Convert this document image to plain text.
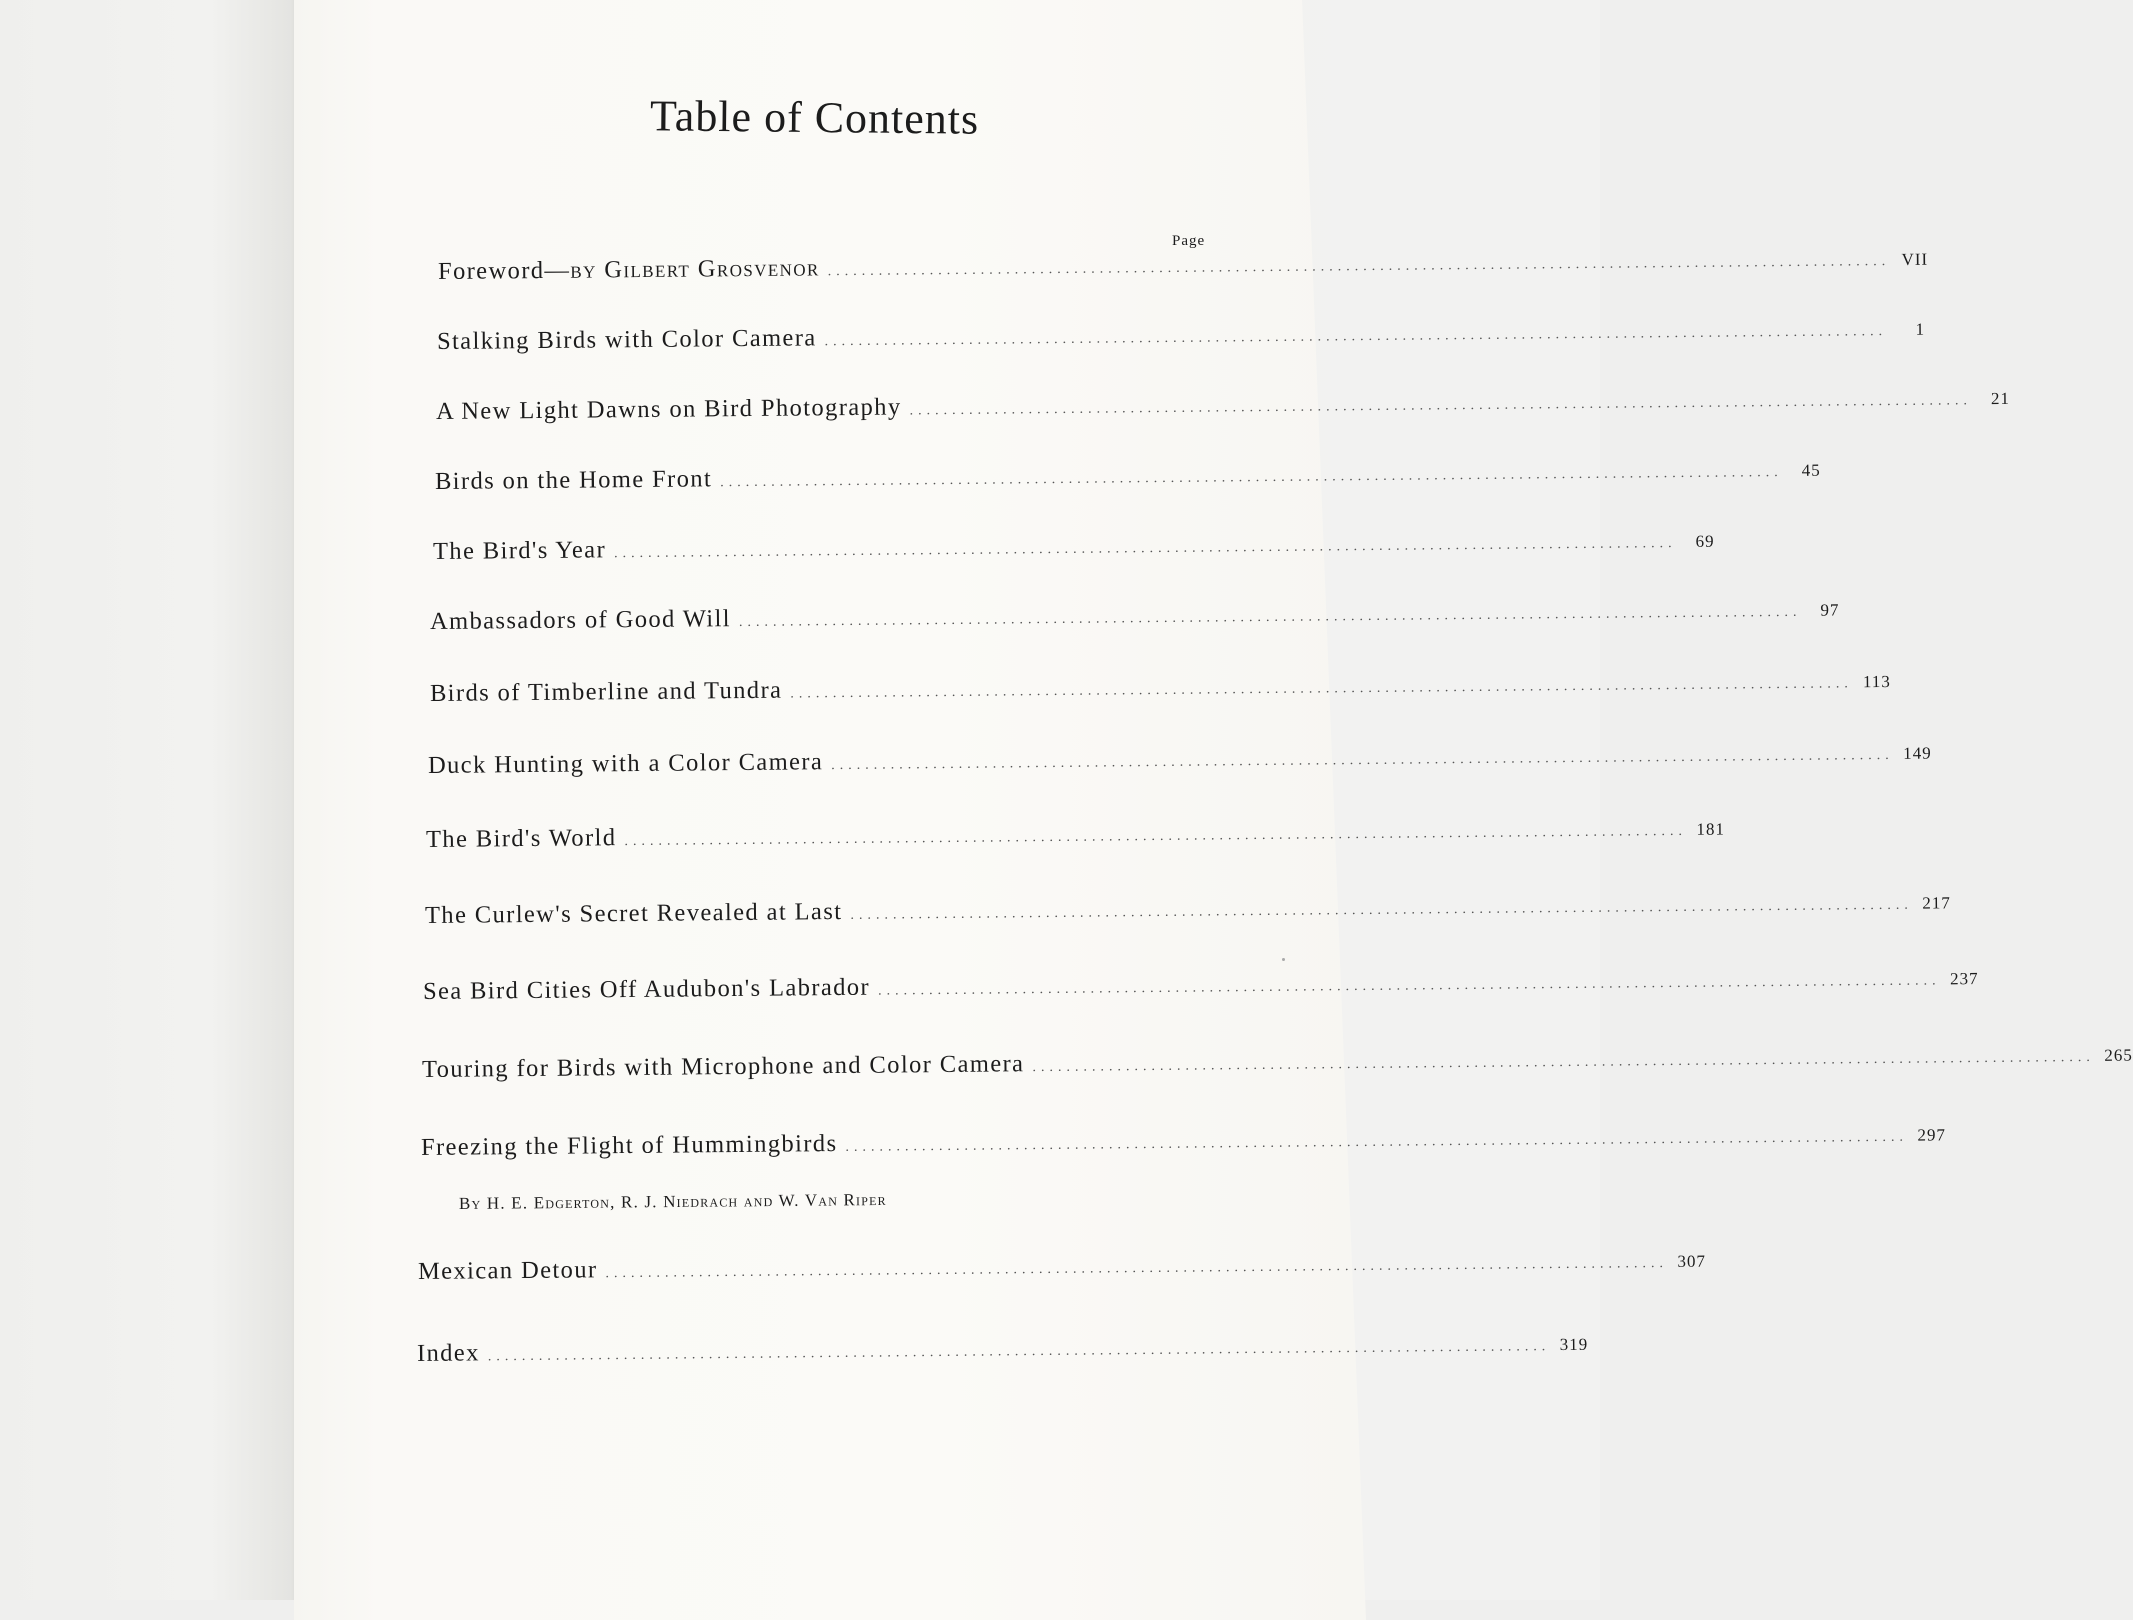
Table of Contents
Page
Foreword—by Gilbert Grosvenor ............................................................................................................................. VII
Stalking Birds with Color Camera .............................................................................................................................	1
A New Light Dawns on Bird Photography .............................................................................................................................	21
Birds on the Home Front .............................................................................................................................	45
The Bird's Year .............................................................................................................................	69
Ambassadors of Good Will .............................................................................................................................	97
Birds of Timberline and Tundra ............................................................................................................................. 113
Duck Hunting with a Color Camera ............................................................................................................................. 149
The Bird's World ............................................................................................................................. 181
The Curlew's Secret Revealed at Last ............................................................................................................................. 217
Sea Bird Cities Off Audubon's Labrador ............................................................................................................................. 237
Touring for Birds with Microphone and Color Camera ............................................................................................................................. 265
Freezing the Flight of Hummingbirds ............................................................................................................................. 297
By H. E. Edgerton, R. J. Niedrach and W. Van Riper
Mexican Detour ............................................................................................................................. 307
Index ............................................................................................................................. 319
